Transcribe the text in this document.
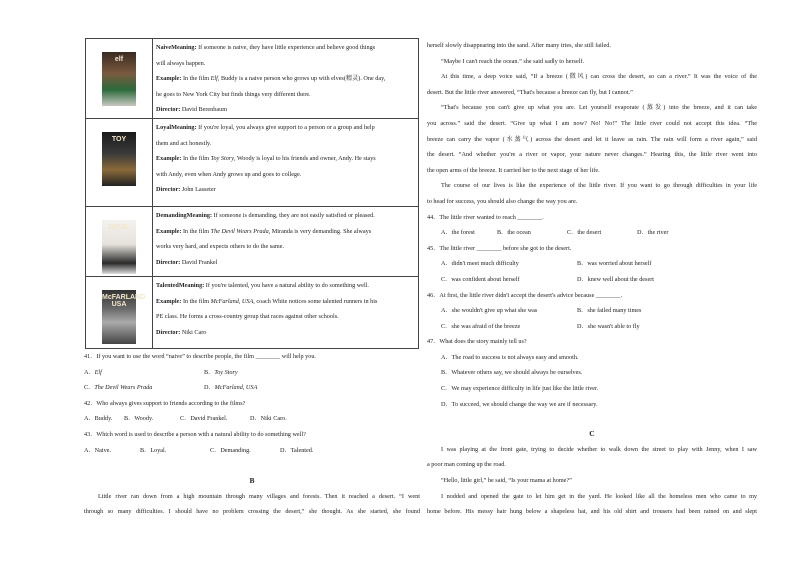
elf	NaiveMeaning: If someone is naive, they have little experience and believe good things
will always happen.
Example: In the film Elf, Buddy is a naive person who grows up with elves(精灵). One day,
he goes to New York City but finds things very different there.
Director: David Berenbaum

TOY	LoyalMeaning: If you're loyal, you always give support to a person or a group and help
them and act honestly.
Example: In the film Toy Story, Woody is loyal to his friends and owner, Andy. He stays
with Andy, even when Andy grows up and goes to college.
Director: John Lasseter

DEVIL	DemandingMeaning: If someone is demanding, they are not easily satisfied or pleased.
Example: In the film The Devil Wears Prada, Miranda is very demanding. She always
works very hard, and expects others to do the same.
Director: David Frankel

McFARLAND USA	TalentedMeaning: If you're talented, you have a natural ability to do something well.
Example: In the film McFarland, USA, coach White notices some talented runners in his
PE class. He forms a cross-country group that races against other schools.
Director: Niki Caro
41．If you want to use the word “naive” to describe people, the film ________ will help you.
A．Elf	B．Toy Story
C．The Devil Wears Prada	D．McFarland, USA
42．Who always gives support to friends according to the films?
A．Buddy.	B．Woody.	C．David Frankel.	D．Niki Caro.
43．Which word is used to describe a person with a natural ability to do something well?
A．Naive.	B．Loyal.	C．Demanding.	D．Talented.
B
Little river ran down from a high mountain through many villages and forests. Then it reached a desert. “I went
through so many difficulties. I should have no problem crossing the desert,” she thought. As she started, she found
herself slowly disappearing into the sand. After many tries, she still failed.
“Maybe I can't reach the ocean.” she said sadly to herself.
At this time, a deep voice said, “If a breeze (微风) can cross the desert, so can a river.” It was the voice of the
desert. But the little river answered, “That's because a breeze can fly, but I cannot.”
“That's because you can't give up what you are. Let yourself evaporate (蒸发) into the breeze, and it can take
you across.” said the desert. “Give up what I am now? No! No!” The little river could not accept this idea. “The
breeze can carry the vapor (水蒸气) across the desert and let it leave as rain. The rain will form a river again,” said
the desert. “And whether you're a river or vapor, your nature never changes.” Hearing this, the little river went into
the open arms of the breeze. It carried her to the next stage of her life.
The course of our lives is like the experience of the little river. If you want to go through difficulties in your life
to head for success, you should also change the way you are.
44．The little river wanted to reach ________.
A．the forest	B．the ocean	C．the desert	D．the river
45．The little river ________ before she got to the desert.
A．didn't meet much difficulty	B．was worried about herself
C．was confident about herself	D．knew well about the desert
46．At first, the little river didn't accept the desert's advice because ________.
A．she wouldn't give up what she was	B．she failed many times
C．she was afraid of the breeze	D．she wasn't able to fly
47．What does the story mainly tell us?
A．The road to success is not always easy and smooth.
B．Whatever others say, we should always be ourselves.
C．We may experience difficulty in life just like the little river.
D．To succeed, we should change the way we are if necessary.
C
I was playing at the front gate, trying to decide whether to walk down the street to play with Jenny, when I saw
a poor man coming up the road.
“Hello, little girl,” he said, “Is your mama at home?”
I nodded and opened the gate to let him get in the yard. He looked like all the homeless men who came to my
home before. His messy hair hung below a shapeless hat, and his old shirt and trousers had been rained on and slept
